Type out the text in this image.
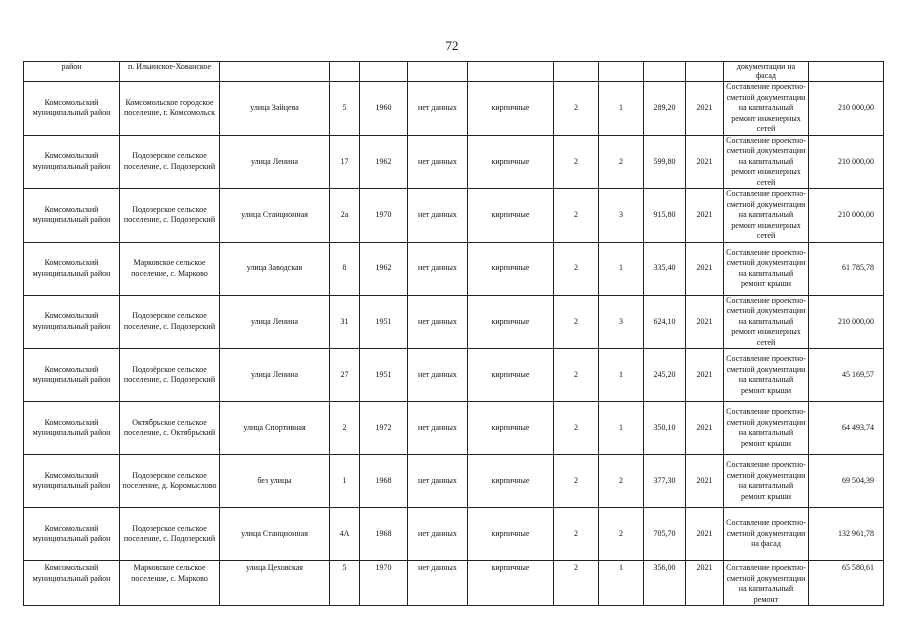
72
район	п. Ильинское-Хованское										документации на фасад	
Комсомольский муниципальный район	Комсомольское городское поселение, г. Комсомольск	улица Зайцева	5	1960	нет данных	кирпичные	2	1	289,20	2021	Составление проектно-сметной документации на капитальный ремонт инженерных сетей	210 000,00
Комсомольский муниципальный район	Подозерское сельское поселение, с. Подозерский	улица Ленина	17	1962	нет данных	кирпичные	2	2	599,80	2021	Составление проектно-сметной документации на капитальный ремонт инженерных сетей	210 000,00
Комсомольский муниципальный район	Подозерское сельское поселение, с. Подозерский	улица Станционная	2а	1970	нет данных	кирпичные	2	3	915,80	2021	Составление проектно-сметной документации на капитальный ремонт инженерных сетей	210 000,00
Комсомольский муниципальный район	Марковское сельское поселение, с. Марково	улица Заводская	8	1962	нет данных	кирпичные	2	1	335,40	2021	Составление проектно-сметной документации на капитальный ремонт крыши	61 785,78
Комсомольский муниципальный район	Подозерское сельское поселение, с. Подозерский	улица Ленина	31	1951	нет данных	кирпичные	2	3	624,10	2021	Составление проектно-сметной документации на капитальный ремонт инженерных сетей	210 000,00
Комсомольский муниципальный район	Подозёрское сельское поселение, с. Подозерский	улица Ленина	27	1951	нет данных	кирпичные	2	1	245,20	2021	Составление проектно-сметной документации на капитальный ремонт крыши	45 169,57
Комсомольский муниципальный район	Октябрьское сельское поселение, с. Октябрьский	улица Спортивная	2	1972	нет данных	кирпичные	2	1	350,10	2021	Составление проектно-сметной документации на капитальный ремонт крыши	64 493,74
Комсомольский муниципальный район	Подозерское сельское поселение, д. Коромыслово	без улицы	1	1968	нет данных	кирпичные	2	2	377,30	2021	Составление проектно-сметной документации на капитальный ремонт крыши	69 504,39
Комсомольский муниципальный район	Подозерское сельское поселение, с. Подозерский	улица Станционная	4А	1968	нет данных	кирпичные	2	2	705,70	2021	Составление проектно-сметной документации на фасад	132 961,78
Комсомольский муниципальный район	Марковское сельское поселение, с. Марково	улица Цеховская	5	1970	нет данных	кирпичные	2	1	356,00	2021	Составление проектно-сметной документации на капитальный ремонт	65 580,61
